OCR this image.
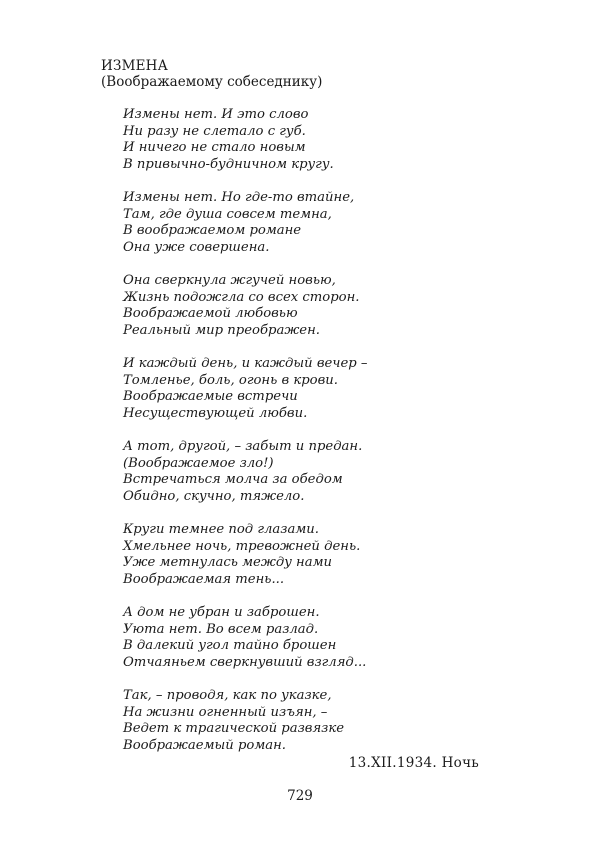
ИЗМЕНА
(Воображаемому собеседнику)
Измены нет. И это слово
Ни разу не слетало с губ.
И ничего не стало новым
В привычно-будничном кругу.
Измены нет. Но где-то втайне,
Там, где душа совсем темна,
В воображаемом романе
Она уже совершена.
Она сверкнула жгучей новью,
Жизнь подожгла со всех сторон.
Воображаемой любовью
Реальный мир преображен.
И каждый день, и каждый вечер –
Томленье, боль, огонь в крови.
Воображаемые встречи
Несуществующей любви.
А тот, другой, – забыт и предан.
(Воображаемое зло!)
Встречаться молча за обедом
Обидно, скучно, тяжело.
Круги темнее под глазами.
Хмельнее ночь, тревожней день.
Уже метнулась между нами
Воображаемая тень...
А дом не убран и заброшен.
Уюта нет. Во всем разлад.
В далекий угол тайно брошен
Отчаяньем сверкнувший взгляд...
Так, – проводя, как по указке,
На жизни огненный изъян, –
Ведет к трагической развязке
Воображаемый роман.
13.XII.1934. Ночь
729
